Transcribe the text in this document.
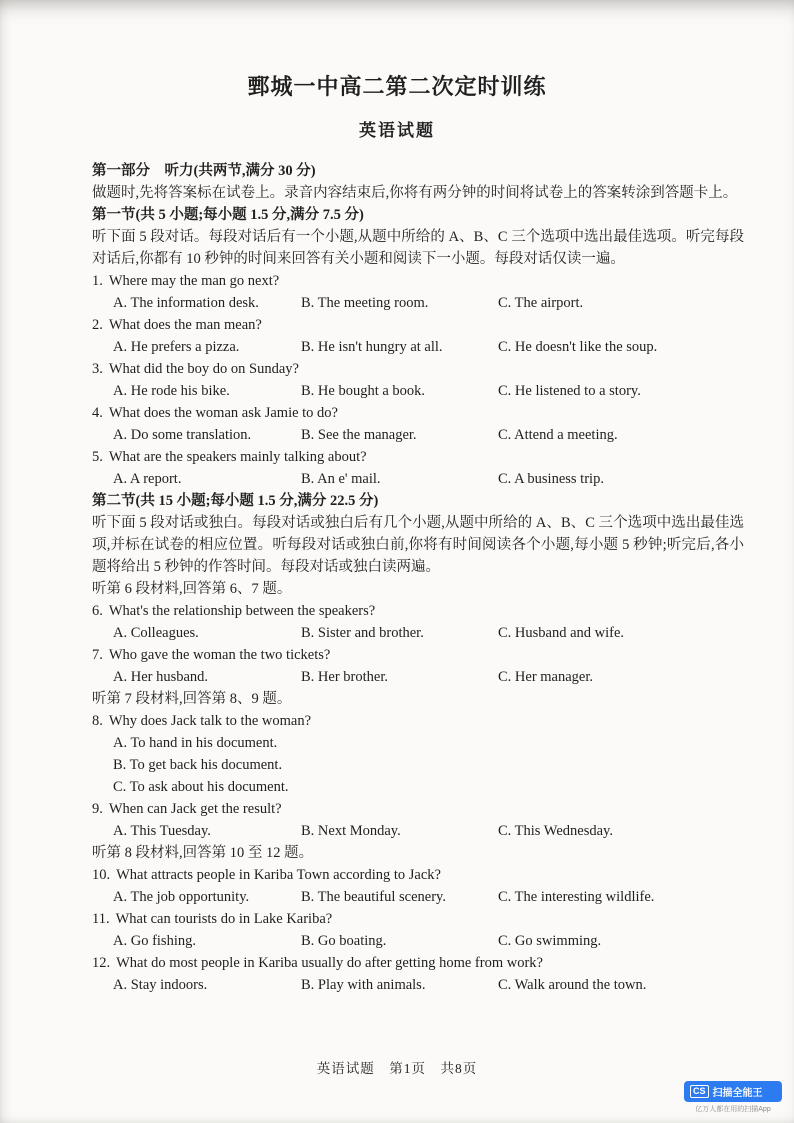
鄄城一中高二第二次定时训练
英语试题
第一部分　听力(共两节,满分 30 分)
做题时,先将答案标在试卷上。录音内容结束后,你将有两分钟的时间将试卷上的答案转涂到答题卡上。
第一节(共 5 小题;每小题 1.5 分,满分 7.5 分)
听下面 5 段对话。每段对话后有一个小题,从题中所给的 A、B、C 三个选项中选出最佳选项。听完每段对话后,你都有 10 秒钟的时间来回答有关小题和阅读下一小题。每段对话仅读一遍。
1. Where may the man go next?
A. The information desk.	B. The meeting room.	C. The airport.
2. What does the man mean?
A. He prefers a pizza.	B. He isn't hungry at all.	C. He doesn't like the soup.
3. What did the boy do on Sunday?
A. He rode his bike.	B. He bought a book.	C. He listened to a story.
4. What does the woman ask Jamie to do?
A. Do some translation.	B. See the manager.	C. Attend a meeting.
5. What are the speakers mainly talking about?
A. A report.	B. An e' mail.	C. A business trip.
第二节(共 15 小题;每小题 1.5 分,满分 22.5 分)
听下面 5 段对话或独白。每段对话或独白后有几个小题,从题中所给的 A、B、C 三个选项中选出最佳选项,并标在试卷的相应位置。听每段对话或独白前,你将有时间阅读各个小题,每小题 5 秒钟;听完后,各小题将给出 5 秒钟的作答时间。每段对话或独白读两遍。
听第 6 段材料,回答第 6、7 题。
6. What's the relationship between the speakers?
A. Colleagues.	B. Sister and brother.	C. Husband and wife.
7. Who gave the woman the two tickets?
A. Her husband.	B. Her brother.	C. Her manager.
听第 7 段材料,回答第 8、9 题。
8. Why does Jack talk to the woman?
A. To hand in his document.
B. To get back his document.
C. To ask about his document.
9. When can Jack get the result?
A. This Tuesday.	B. Next Monday.	C. This Wednesday.
听第 8 段材料,回答第 10 至 12 题。
10. What attracts people in Kariba Town according to Jack?
A. The job opportunity.	B. The beautiful scenery.	C. The interesting wildlife.
11. What can tourists do in Lake Kariba?
A. Go fishing.	B. Go boating.	C. Go swimming.
12. What do most people in Kariba usually do after getting home from work?
A. Stay indoors.	B. Play with animals.	C. Walk around the town.
英语试题　第1页　共8页
CS 扫描全能王
亿万人都在用的扫描App
